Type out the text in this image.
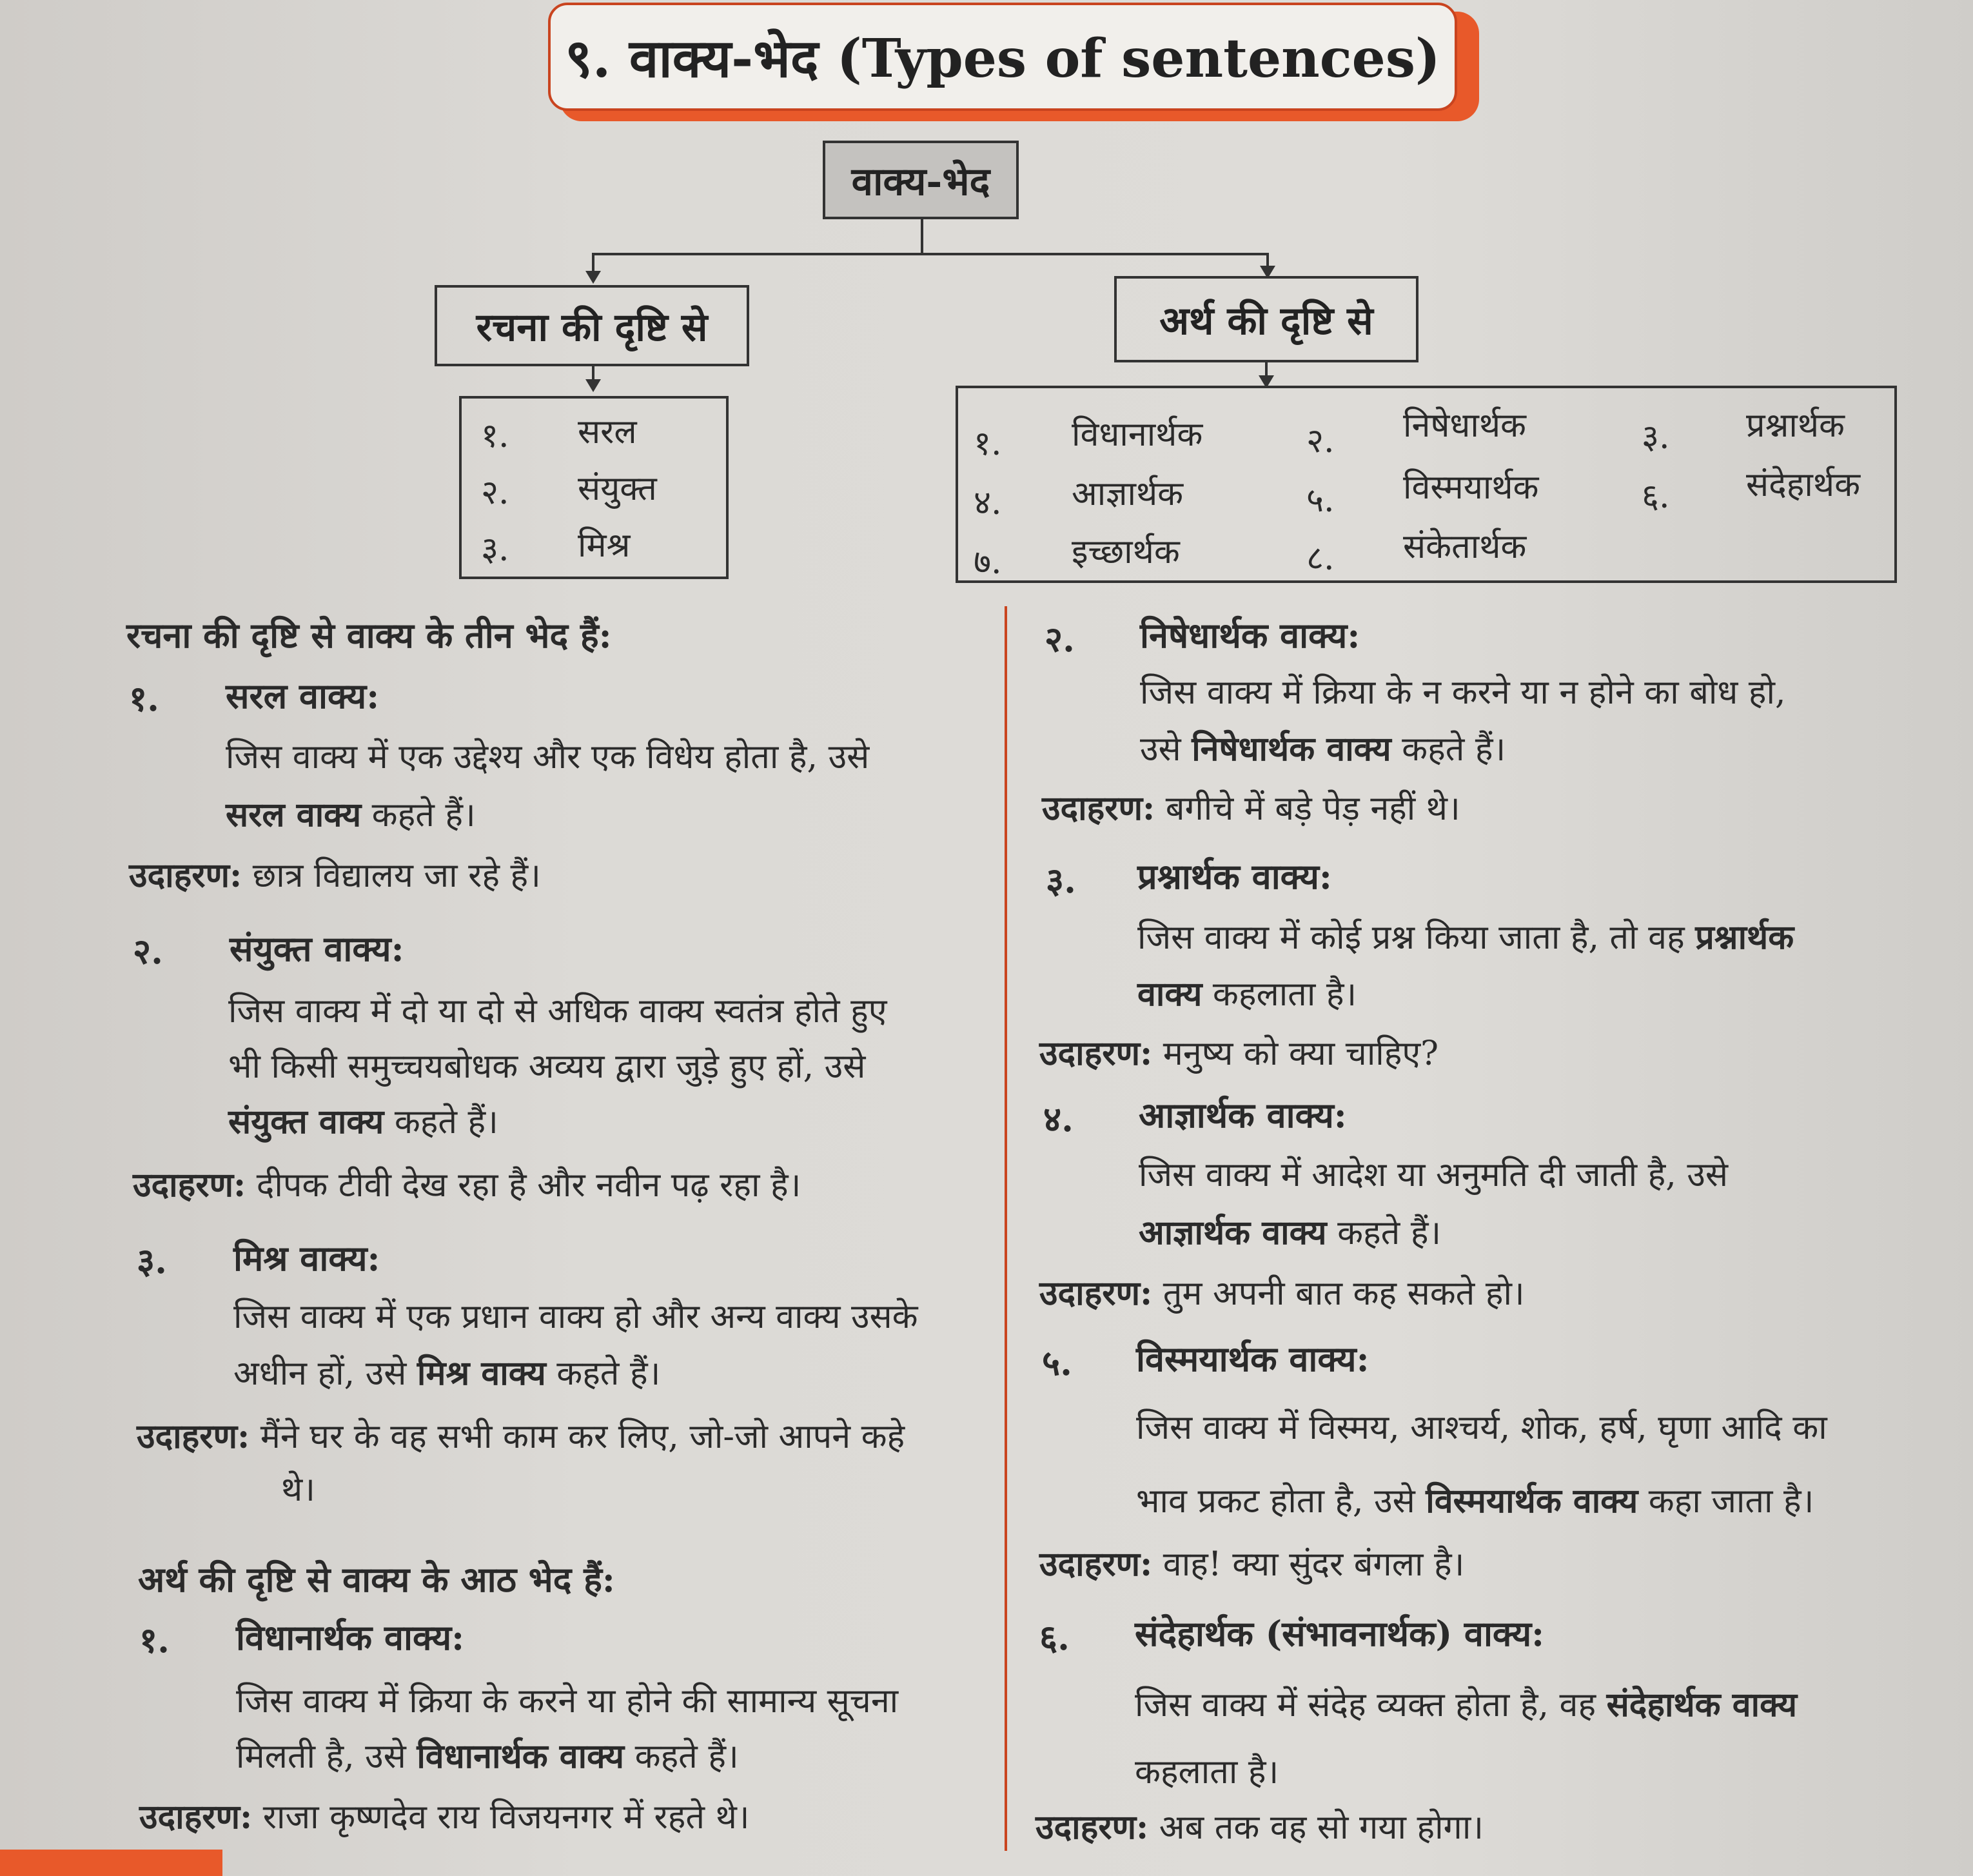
९. वाक्य-भेद (Types of sentences)
वाक्य-भेद
रचना की दृष्टि से	अर्थ की दृष्टि से
१. सरल
२. संयुक्त
३. मिश्र
१. विधानार्थक	२. निषेधार्थक	३. प्रश्नार्थक
४. आज्ञार्थक	५. विस्मयार्थक	६. संदेहार्थक
७. इच्छार्थक	८. संकेतार्थक
रचना की दृष्टि से वाक्य के तीन भेद हैं:
१. सरल वाक्य:
जिस वाक्य में एक उद्देश्य और एक विधेय होता है, उसे
सरल वाक्य कहते हैं।
उदाहरण: छात्र विद्यालय जा रहे हैं।
२. संयुक्त वाक्य:
जिस वाक्य में दो या दो से अधिक वाक्य स्वतंत्र होते हुए
भी किसी समुच्चयबोधक अव्यय द्वारा जुड़े हुए हों, उसे
संयुक्त वाक्य कहते हैं।
उदाहरण: दीपक टीवी देख रहा है और नवीन पढ़ रहा है।
३. मिश्र वाक्य:
जिस वाक्य में एक प्रधान वाक्य हो और अन्य वाक्य उसके
अधीन हों, उसे मिश्र वाक्य कहते हैं।
उदाहरण: मैंने घर के वह सभी काम कर लिए, जो-जो आपने कहे
थे।
अर्थ की दृष्टि से वाक्य के आठ भेद हैं:
१. विधानार्थक वाक्य:
जिस वाक्य में क्रिया के करने या होने की सामान्य सूचना
मिलती है, उसे विधानार्थक वाक्य कहते हैं।
उदाहरण: राजा कृष्णदेव राय विजयनगर में रहते थे।
२. निषेधार्थक वाक्य:
जिस वाक्य में क्रिया के न करने या न होने का बोध हो,
उसे निषेधार्थक वाक्य कहते हैं।
उदाहरण: बगीचे में बड़े पेड़ नहीं थे।
३. प्रश्नार्थक वाक्य:
जिस वाक्य में कोई प्रश्न किया जाता है, तो वह प्रश्नार्थक
वाक्य कहलाता है।
उदाहरण: मनुष्य को क्या चाहिए?
४. आज्ञार्थक वाक्य:
जिस वाक्य में आदेश या अनुमति दी जाती है, उसे
आज्ञार्थक वाक्य कहते हैं।
उदाहरण: तुम अपनी बात कह सकते हो।
५. विस्मयार्थक वाक्य:
जिस वाक्य में विस्मय, आश्चर्य, शोक, हर्ष, घृणा आदि का
भाव प्रकट होता है, उसे विस्मयार्थक वाक्य कहा जाता है।
उदाहरण: वाह! क्या सुंदर बंगला है।
६. संदेहार्थक (संभावनार्थक) वाक्य:
जिस वाक्य में संदेह व्यक्त होता है, वह संदेहार्थक वाक्य
कहलाता है।
उदाहरण: अब तक वह सो गया होगा।
